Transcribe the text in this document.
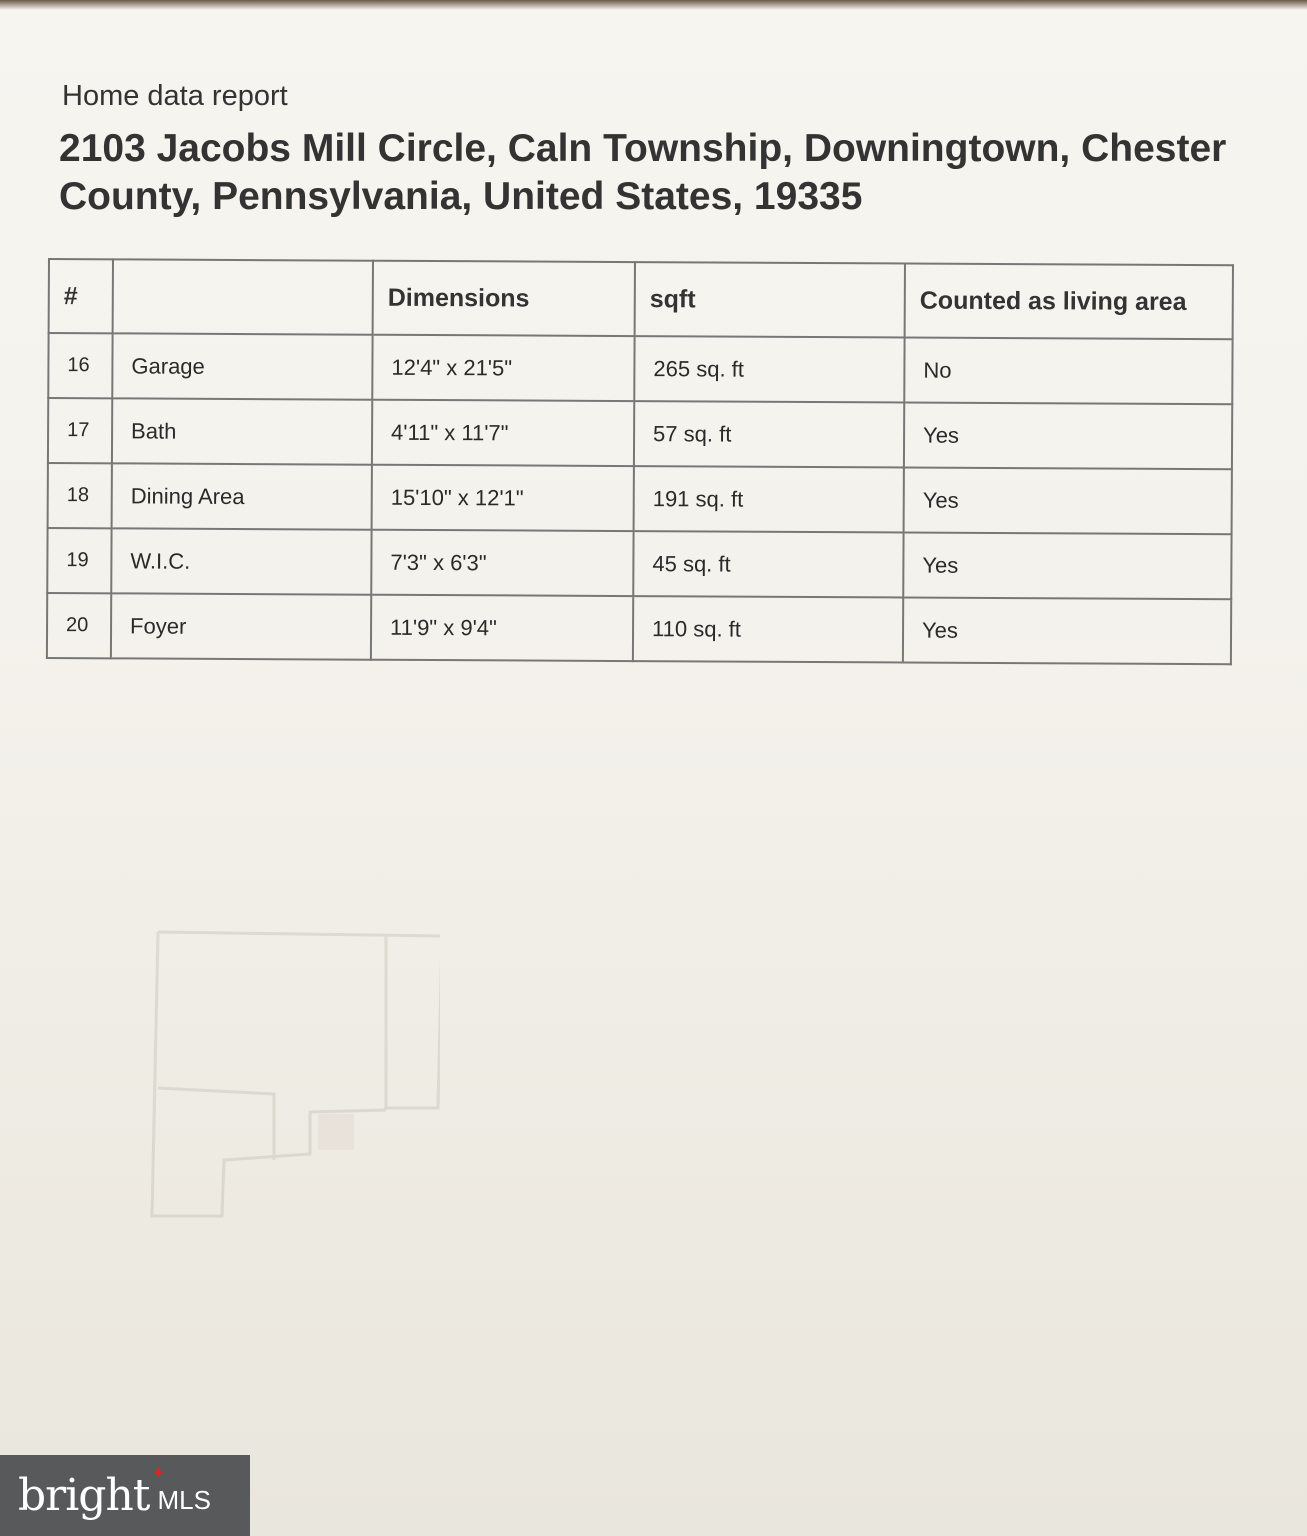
Home data report
2103 Jacobs Mill Circle, Caln Township, Downingtown, Chester County, Pennsylvania, United States, 19335
#		Dimensions	sqft	Counted as living area
16	Garage	12'4" x 21'5"	265 sq. ft	No
17	Bath	4'11" x 11'7"	57 sq. ft	Yes
18	Dining Area	15'10" x 12'1"	191 sq. ft	Yes
19	W.I.C.	7'3" x 6'3"	45 sq. ft	Yes
20	Foyer	11'9" x 9'4"	110 sq. ft	Yes
bright ✦
MLS
